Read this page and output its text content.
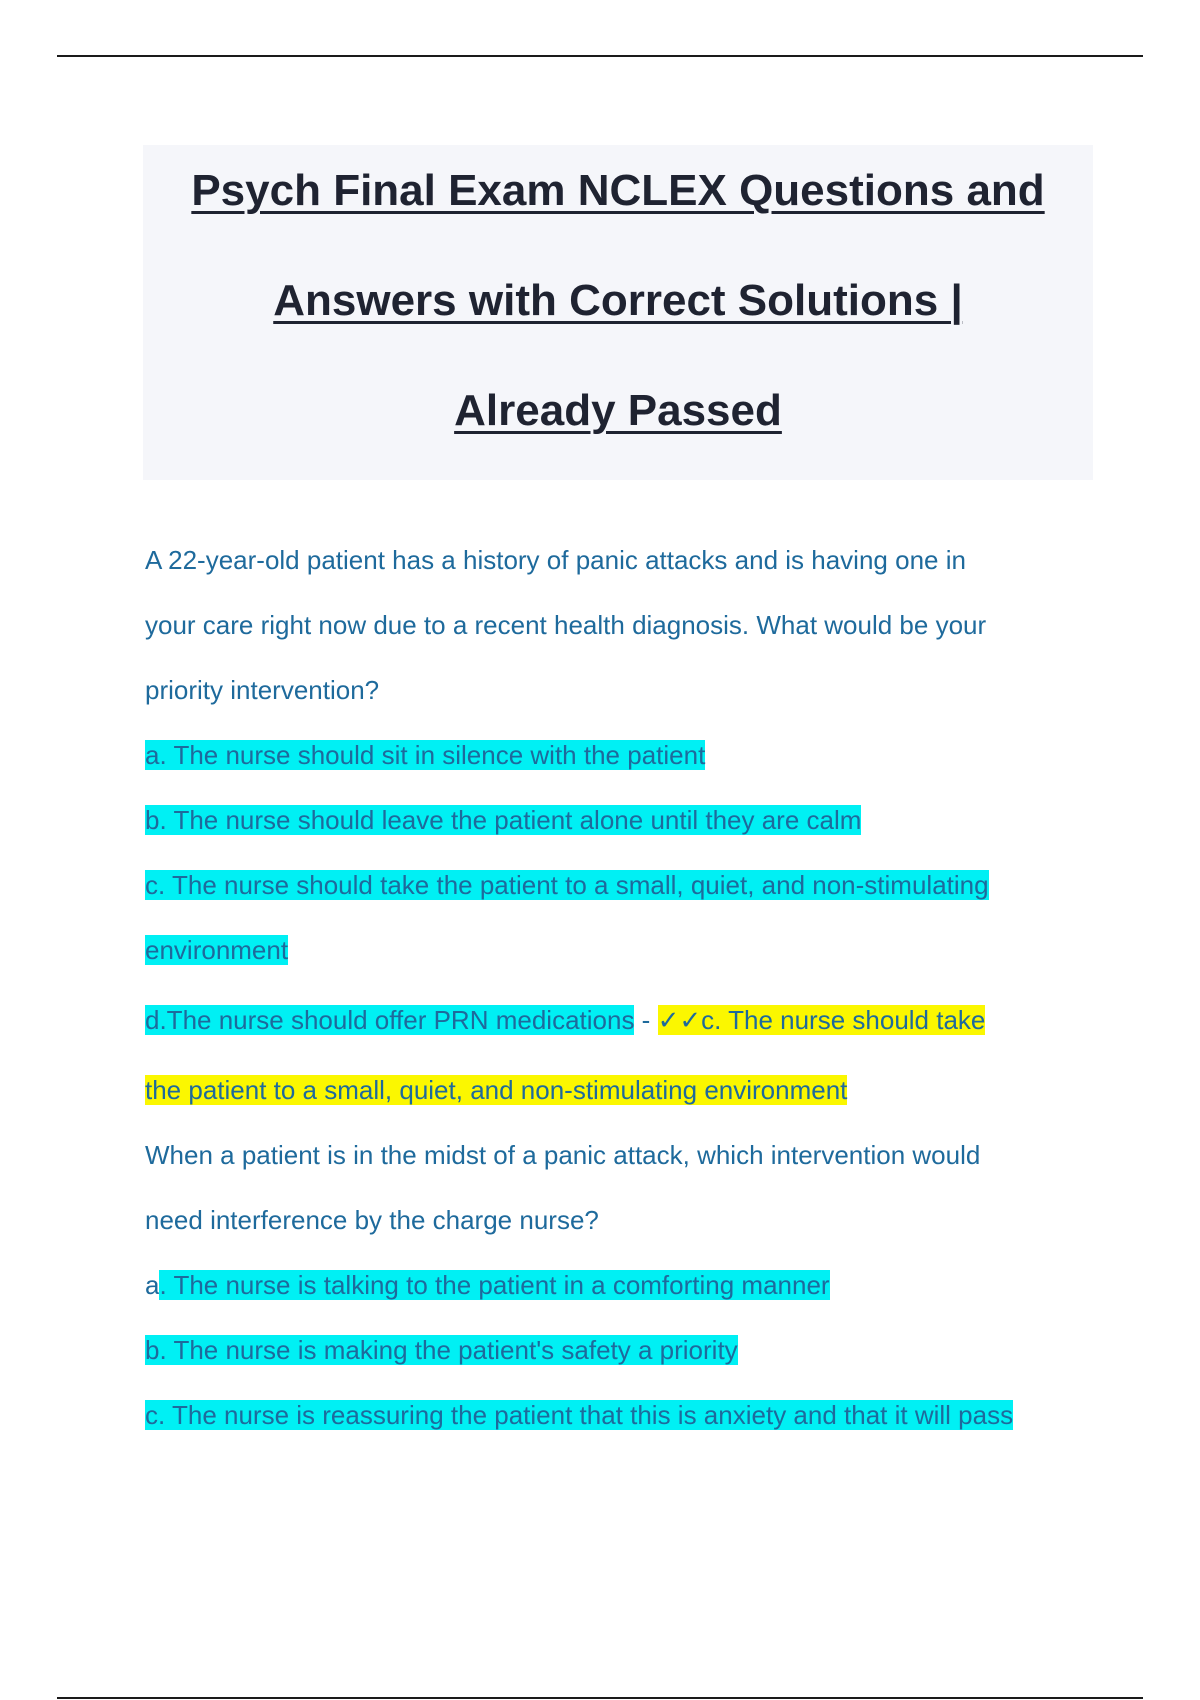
Psych Final Exam NCLEX Questions and
Answers with Correct Solutions |
Already Passed
A 22-year-old patient has a history of panic attacks and is having one in
your care right now due to a recent health diagnosis. What would be your
priority intervention?
a. The nurse should sit in silence with the patient
b. The nurse should leave the patient alone until they are calm
c. The nurse should take the patient to a small, quiet, and non-stimulating
environment
d.The nurse should offer PRN medications - ✓✓c. The nurse should take
the patient to a small, quiet, and non-stimulating environment
When a patient is in the midst of a panic attack, which intervention would
need interference by the charge nurse?
a. The nurse is talking to the patient in a comforting manner
b. The nurse is making the patient's safety a priority
c. The nurse is reassuring the patient that this is anxiety and that it will pass
